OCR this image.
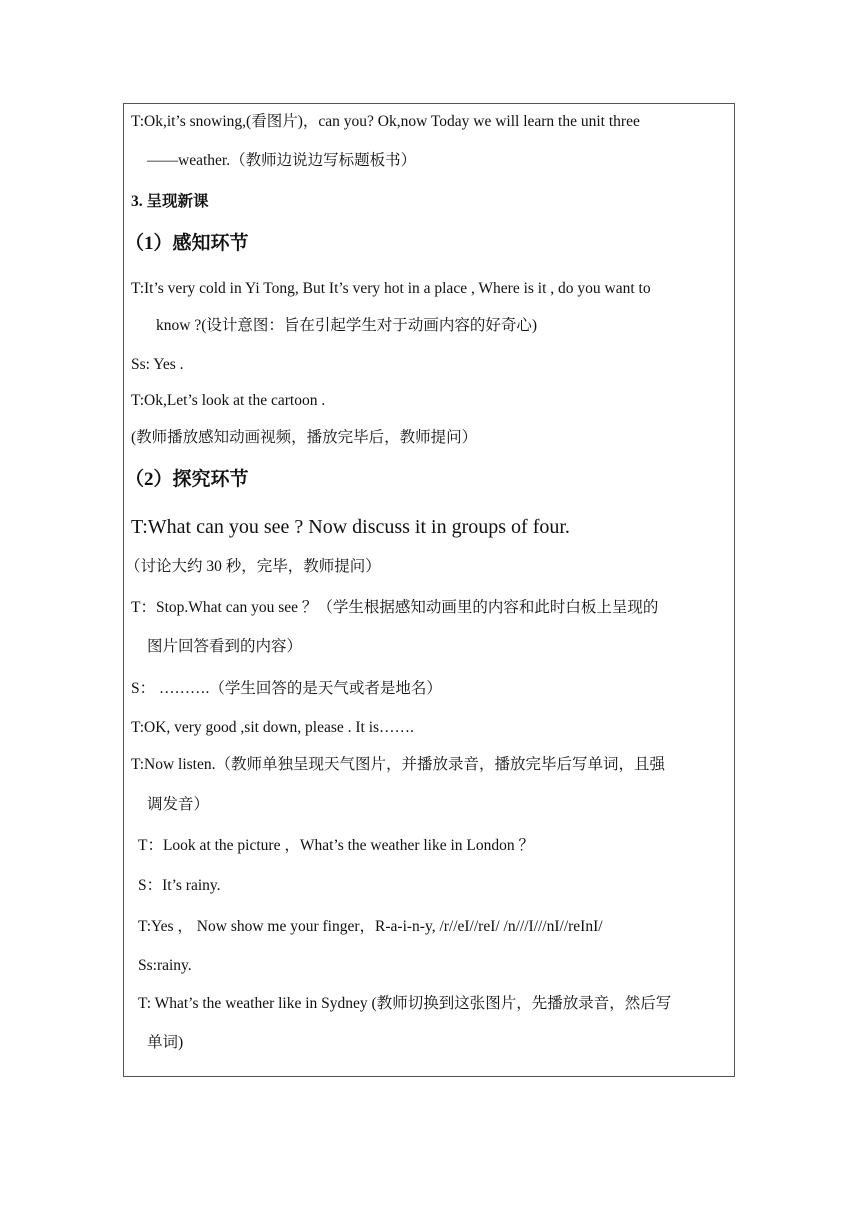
T:Ok,it’s snowing,(看图片)，can you? Ok,now Today we will learn the unit three
——weather.（教师边说边写标题板书）
3. 呈现新课
（1）感知环节
T:It’s very cold in Yi Tong, But It’s very hot in a place , Where is it , do you want to
know ?(设计意图：旨在引起学生对于动画内容的好奇心)
Ss: Yes .
T:Ok,Let’s look at the cartoon .
(教师播放感知动画视频，播放完毕后，教师提问）
（2）探究环节
T:What can you see ? Now discuss it in groups of four.
（讨论大约 30 秒，完毕，教师提问）
T：Stop.What can you see ？（学生根据感知动画里的内容和此时白板上呈现的
图片回答看到的内容）
S： ……….（学生回答的是天气或者是地名）
T:OK, very good ,sit down, please . It is…….
T:Now listen.（教师单独呈现天气图片，并播放录音，播放完毕后写单词，且强
调发音）
T：Look at the picture ，What’s the weather like in London ？
S：It’s rainy.
T:Yes ， Now show me your finger，R-a-i-n-y, /r//eI//reI/ /n///I///nI//reInI/
Ss:rainy.
T: What’s the weather like in Sydney (教师切换到这张图片，先播放录音，然后写
单词)
